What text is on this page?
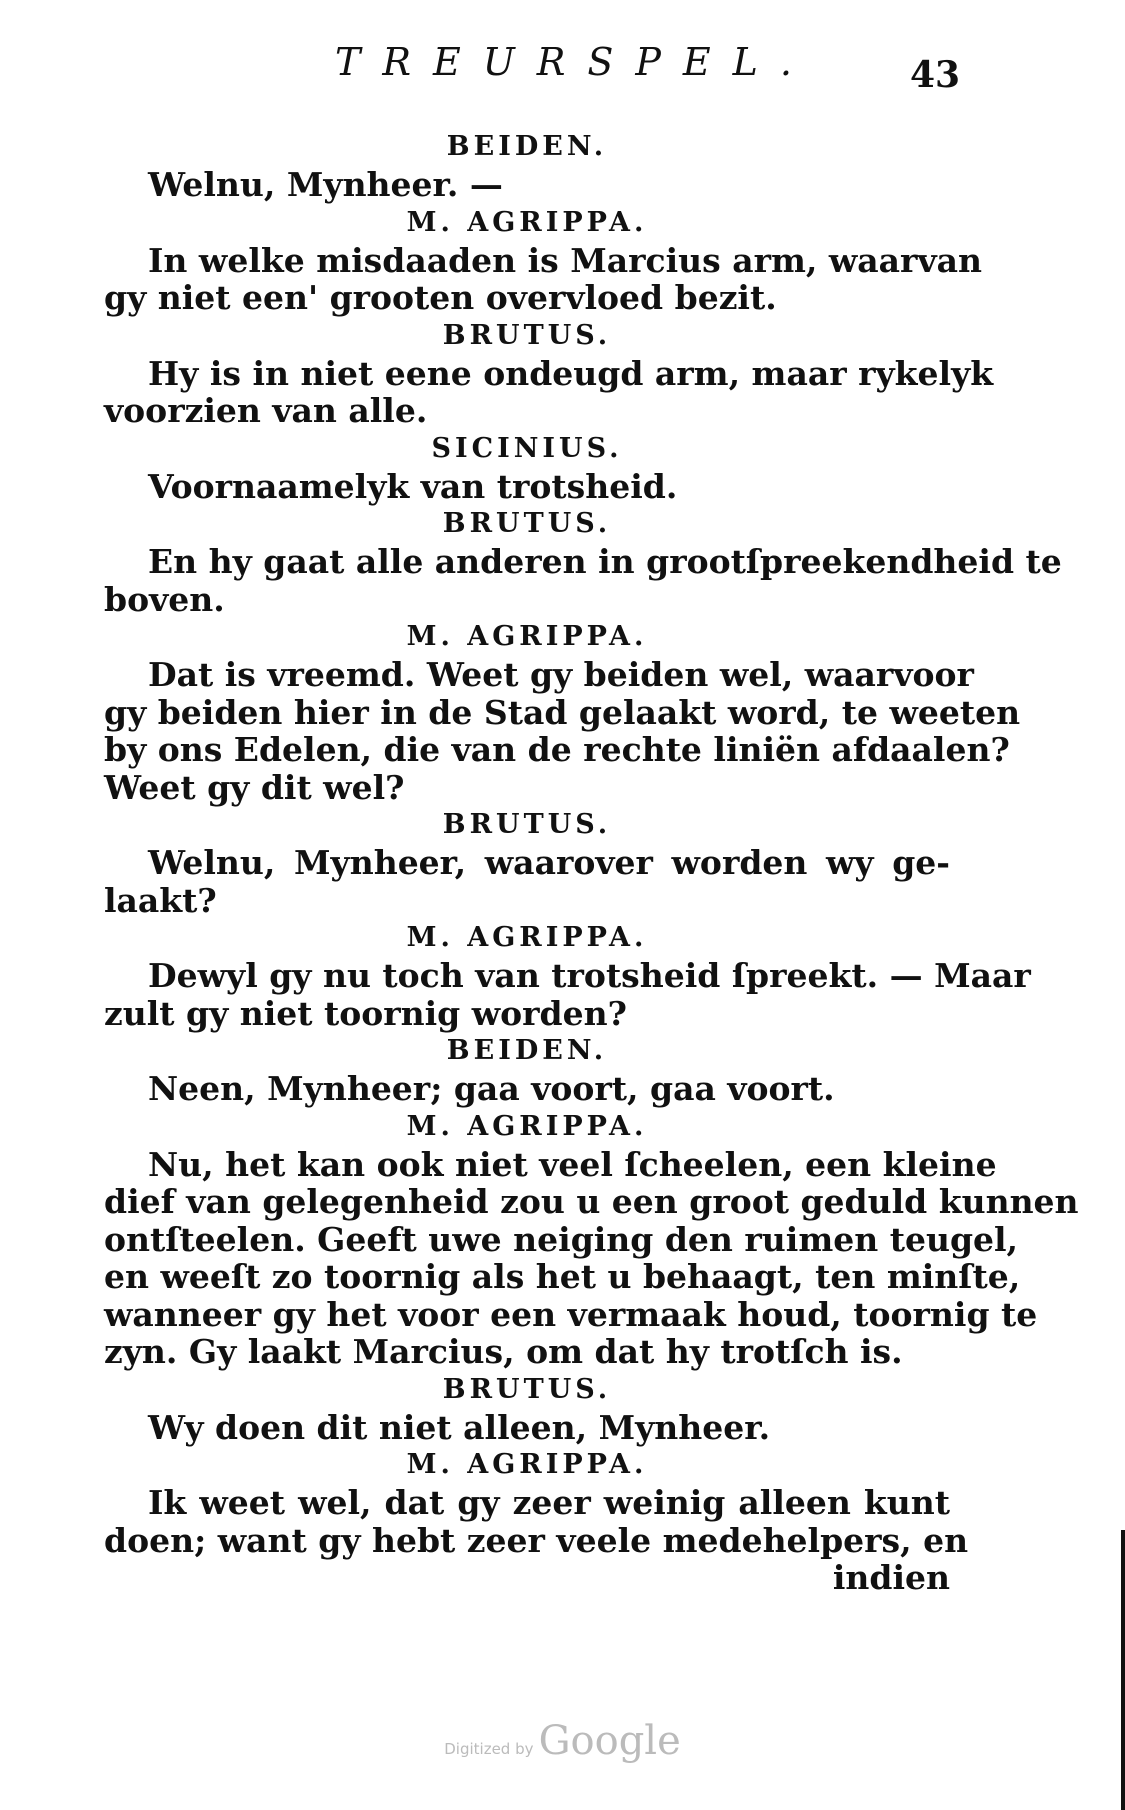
TREURSPEL.	43
BEIDEN.
Welnu, Mynheer. —
M. AGRIPPA.
In welke misdaaden is Marcius arm, waarvan
gy niet een' grooten overvloed bezit.
BRUTUS.
Hy is in niet eene ondeugd arm, maar rykelyk
voorzien van alle.
SICINIUS.
Voornaamelyk van trotsheid.
BRUTUS.
En hy gaat alle anderen in grootſpreekendheid te
boven.
M. AGRIPPA.
Dat is vreemd. Weet gy beiden wel, waarvoor
gy beiden hier in de Stad gelaakt word, te weeten
by ons Edelen, die van de rechte liniën afdaalen?
Weet gy dit wel?
BRUTUS.
Welnu, Mynheer, waarover worden wy ge-
laakt?
M. AGRIPPA.
Dewyl gy nu toch van trotsheid ſpreekt. — Maar
zult gy niet toornig worden?
BEIDEN.
Neen, Mynheer; gaa voort, gaa voort.
M. AGRIPPA.
Nu, het kan ook niet veel ſcheelen, een kleine
dief van gelegenheid zou u een groot geduld kunnen
ontſteelen. Geeft uwe neiging den ruimen teugel,
en weeſt zo toornig als het u behaagt, ten minſte,
wanneer gy het voor een vermaak houd, toornig te
zyn. Gy laakt Marcius, om dat hy trotſch is.
BRUTUS.
Wy doen dit niet alleen, Mynheer.
M. AGRIPPA.
Ik weet wel, dat gy zeer weinig alleen kunt
doen; want gy hebt zeer veele medehelpers, en
indien
Digitized by Google
